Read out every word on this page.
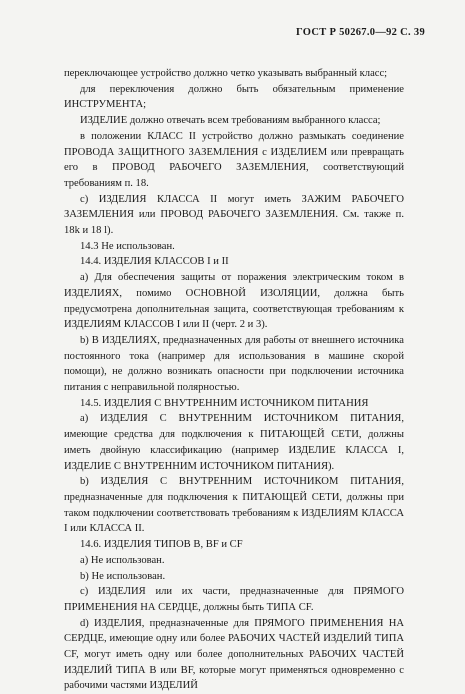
ГОСТ Р 50267.0—92 С. 39

переключающее устройство должно четко указывать выбранный класс;

для переключения должно быть обязательным применение ИНСТРУМЕНТА;

ИЗДЕЛИЕ должно отвечать всем требованиям выбранного класса;

в положении КЛАСС II устройство должно размыкать соединение ПРОВОДА ЗАЩИТНОГО ЗАЗЕМЛЕНИЯ с ИЗДЕЛИЕМ или превращать его в ПРОВОД РАБОЧЕГО ЗАЗЕМЛЕНИЯ, соответствующий требованиям п. 18.

с) ИЗДЕЛИЯ КЛАССА II могут иметь ЗАЖИМ РАБОЧЕГО ЗАЗЕМЛЕНИЯ или ПРОВОД РАБОЧЕГО ЗАЗЕМЛЕНИЯ. См. также п. 18k и 18 l).

14.3 Не использован.

14.4. ИЗДЕЛИЯ КЛАССОВ I и II

а) Для обеспечения защиты от поражения электрическим током в ИЗДЕЛИЯХ, помимо ОСНОВНОЙ ИЗОЛЯЦИИ, должна быть предусмотрена дополнительная защита, соответствующая требованиям к ИЗДЕЛИЯМ КЛАССОВ I или II (черт. 2 и 3).

b) В ИЗДЕЛИЯХ, предназначенных для работы от внешнего источника постоянного тока (например для использования в машине скорой помощи), не должно возникать опасности при подключении источника питания с неправильной полярностью.

14.5. ИЗДЕЛИЯ С ВНУТРЕННИМ ИСТОЧНИКОМ ПИТАНИЯ

а) ИЗДЕЛИЯ С ВНУТРЕННИМ ИСТОЧНИКОМ ПИТАНИЯ, имеющие средства для подключения к ПИТАЮЩЕЙ СЕТИ, должны иметь двойную классификацию (например ИЗДЕЛИЕ КЛАССА I, ИЗДЕЛИЕ С ВНУТРЕННИМ ИСТОЧНИКОМ ПИТАНИЯ).

b) ИЗДЕЛИЯ С ВНУТРЕННИМ ИСТОЧНИКОМ ПИТАНИЯ, предназначенные для подключения к ПИТАЮЩЕЙ СЕТИ, должны при таком подключении соответствовать требованиям к ИЗДЕЛИЯМ КЛАССА I или КЛАССА II.

14.6. ИЗДЕЛИЯ ТИПОВ В, BF и CF

а) Не использован.

b) Не использован.

с) ИЗДЕЛИЯ или их части, предназначенные для ПРЯМОГО ПРИМЕНЕНИЯ НА СЕРДЦЕ, должны быть ТИПА CF.

d) ИЗДЕЛИЯ, предназначенные для ПРЯМОГО ПРИМЕНЕНИЯ НА СЕРДЦЕ, имеющие одну или более РАБОЧИХ ЧАСТЕЙ ИЗДЕЛИЙ ТИПА CF, могут иметь одну или более дополнительных РАБОЧИХ ЧАСТЕЙ ИЗДЕЛИЙ ТИПА В или BF, которые могут применяться одновременно с рабочими частями ИЗДЕЛИЙ
